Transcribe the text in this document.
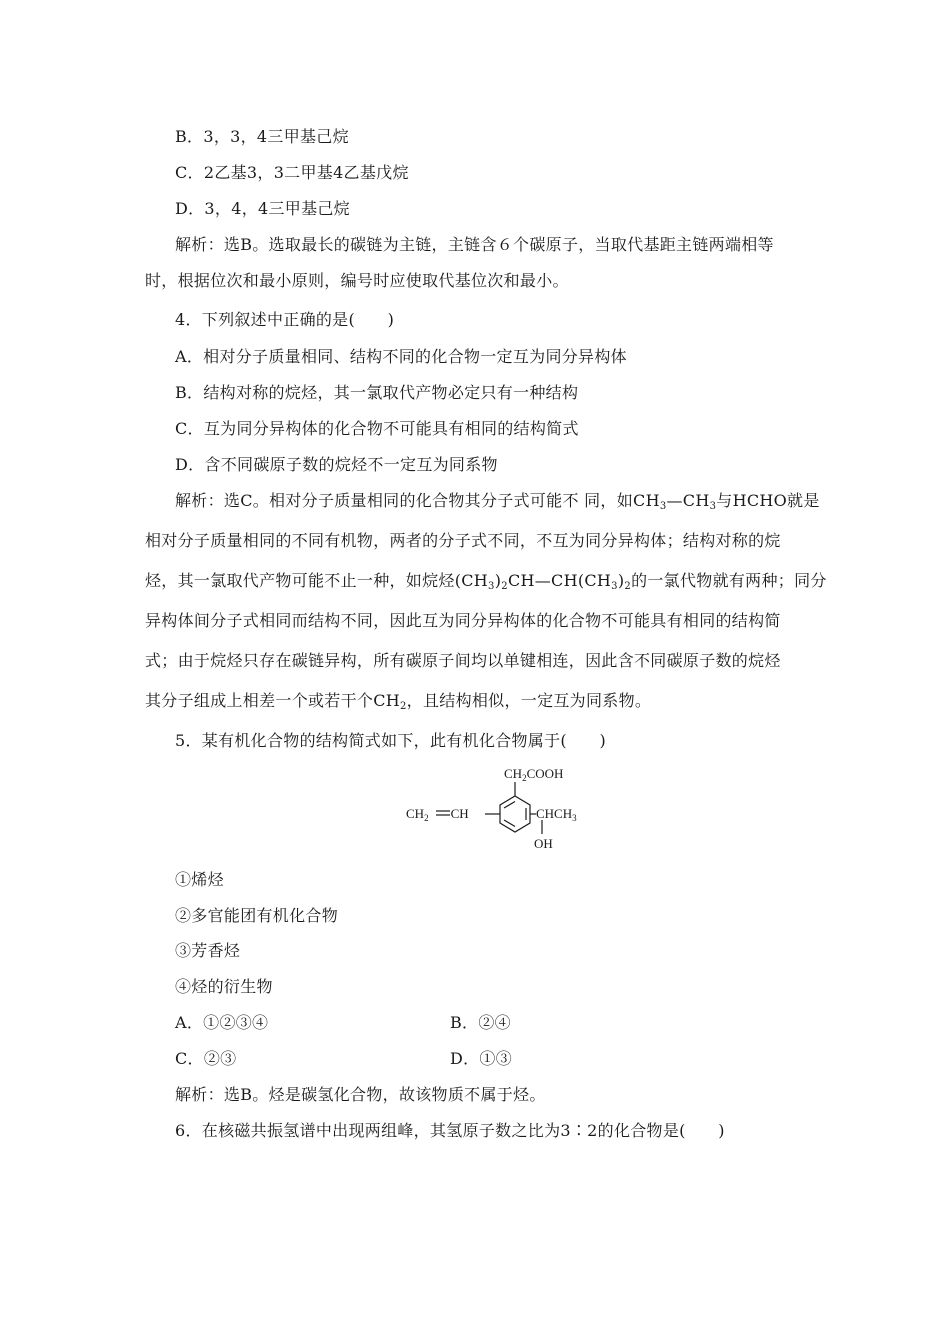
B．3，3，4三甲基己烷
C．2乙基3，3二甲基4乙基戊烷
D．3，4，4三甲基己烷
解析：选B。选取最长的碳链为主链，主链含６个碳原子，当取代基距主链两端相等
时，根据位次和最小原则，编号时应使取代基位次和最小。
4．下列叙述中正确的是(　　)
A．相对分子质量相同、结构不同的化合物一定互为同分异构体
B．结构对称的烷烃，其一氯取代产物必定只有一种结构
C．互为同分异构体的化合物不可能具有相同的结构简式
D．含不同碳原子数的烷烃不一定互为同系物
解析：选C。相对分子质量相同的化合物其分子式可能不 同，如$CH_3—CH_3$与HCHO就是
相对分子质量相同的不同有机物，两者的分子式不同，不互为同分异构体；结构对称的烷
烃，其一氯取代产物可能不止一种，如烷烃$(CH_3)_2CH—CH(CH_3)_2$的一氯代物就有两种；同分
异构体间分子式相同而结构不同，因此互为同分异构体的化合物不可能具有相同的结构简
式；由于烷烃只存在碳链异构，所有碳原子间均以单键相连，因此含不同碳原子数的烷烃
其分子组成上相差一个或若干个$CH_2$，且结构相似，一定互为同系物。
5．某有机化合物的结构简式如下，此有机化合物属于(　　)
$CH_2COOH$
$CH_2$ CH	$CHCH_3$
OH
①烯烃
②多官能团有机化合物
③芳香烃
④烃的衍生物
A．①②③④	B．②④
C．②③	D．①③
解析：选B。烃是碳氢化合物，故该物质不属于烃。
6．在核磁共振氢谱中出现两组峰，其氢原子数之比为3∶2的化合物是(　　)
